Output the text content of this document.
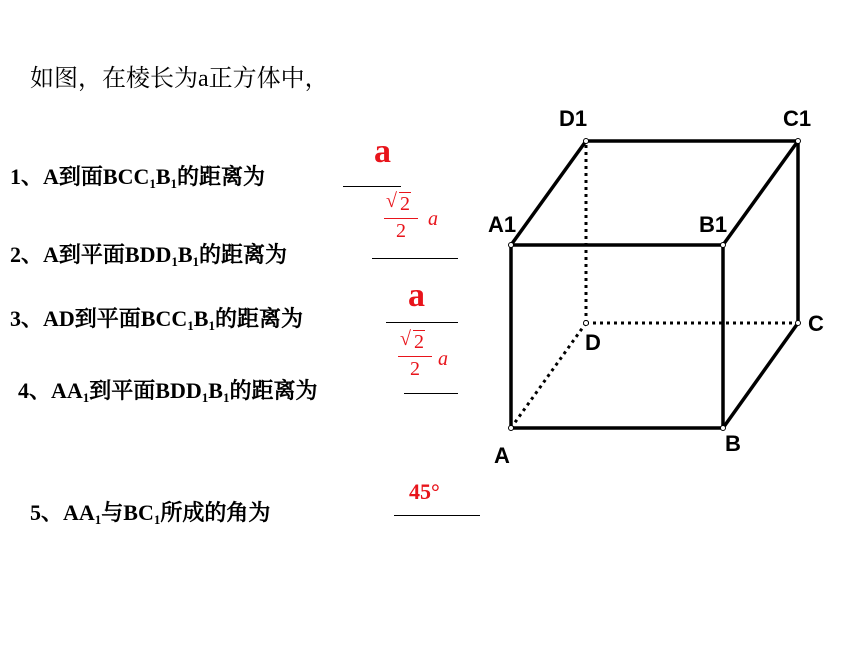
如图，在棱长为a正方体中，
1、A到面$BCC_1B_1$的距离为
a
√ 2
2
a
2、A到平面$BDD_1B_1$的距离为
a
3、AD到平面$BCC_1B_1$的距离为
√ 2
2 a
4、$AA_1$到平面$BDD_1B_1$的距离为
45°
5、$AA_1$与$BC_1$所成的角为
A	B
C
D
A1	B1
C1
D1
